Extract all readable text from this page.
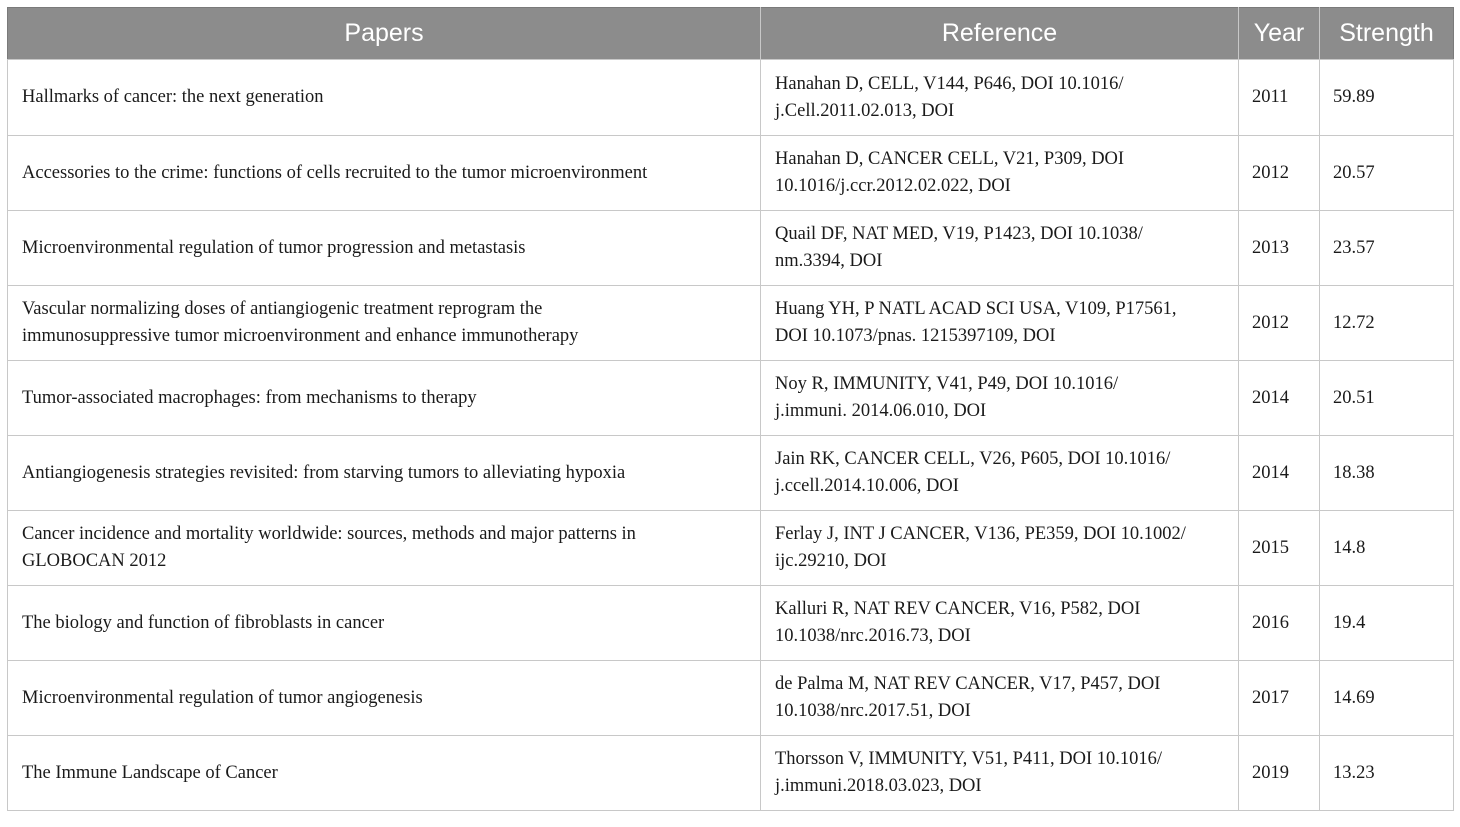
Papers	Reference	Year	Strength
Hallmarks of cancer: the next generation	Hanahan D, CELL, V144, P646, DOI 10.1016/
j.Cell.2011.02.013, DOI	2011	59.89
Accessories to the crime: functions of cells recruited to the tumor microenvironment	Hanahan D, CANCER CELL, V21, P309, DOI
10.1016/j.ccr.2012.02.022, DOI	2012	20.57
Microenvironmental regulation of tumor progression and metastasis	Quail DF, NAT MED, V19, P1423, DOI 10.1038/
nm.3394, DOI	2013	23.57
Vascular normalizing doses of antiangiogenic treatment reprogram the
immunosuppressive tumor microenvironment and enhance immunotherapy	Huang YH, P NATL ACAD SCI USA, V109, P17561,
DOI 10.1073/pnas. 1215397109, DOI	2012	12.72
Tumor-associated macrophages: from mechanisms to therapy	Noy R, IMMUNITY, V41, P49, DOI 10.1016/
j.immuni. 2014.06.010, DOI	2014	20.51
Antiangiogenesis strategies revisited: from starving tumors to alleviating hypoxia	Jain RK, CANCER CELL, V26, P605, DOI 10.1016/
j.ccell.2014.10.006, DOI	2014	18.38
Cancer incidence and mortality worldwide: sources, methods and major patterns in
GLOBOCAN 2012	Ferlay J, INT J CANCER, V136, PE359, DOI 10.1002/
ijc.29210, DOI	2015	14.8
The biology and function of fibroblasts in cancer	Kalluri R, NAT REV CANCER, V16, P582, DOI
10.1038/nrc.2016.73, DOI	2016	19.4
Microenvironmental regulation of tumor angiogenesis	de Palma M, NAT REV CANCER, V17, P457, DOI
10.1038/nrc.2017.51, DOI	2017	14.69
The Immune Landscape of Cancer	Thorsson V, IMMUNITY, V51, P411, DOI 10.1016/
j.immuni.2018.03.023, DOI	2019	13.23
